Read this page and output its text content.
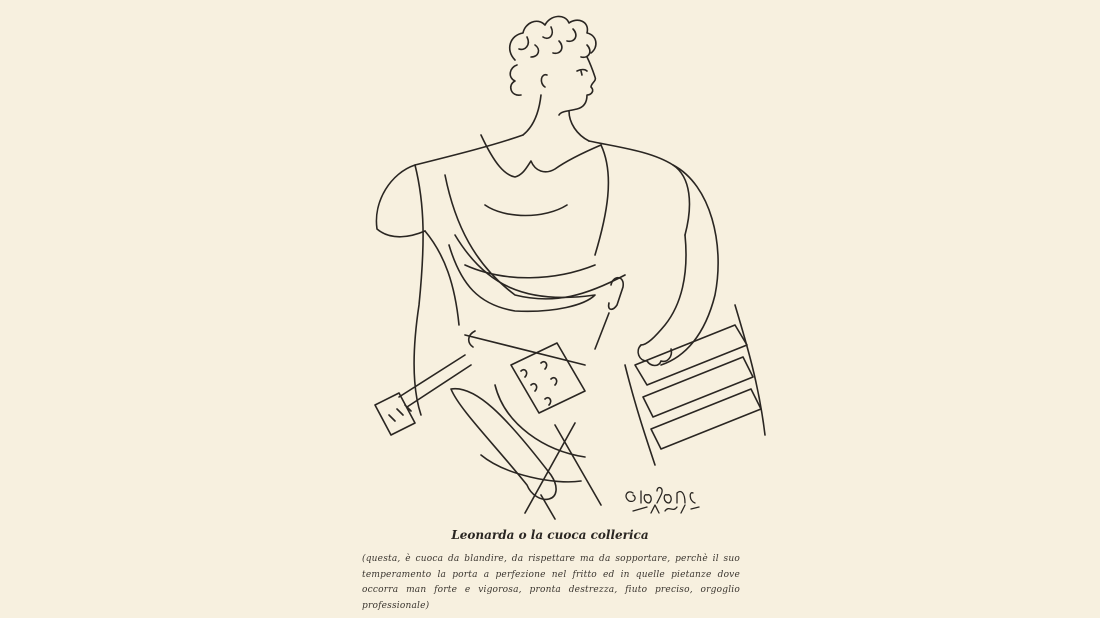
Leonarda o la cuoca collerica
(questa, è cuoca da blandire, da rispettare ma da sopportare, perchè il suo temperamento la porta a perfezione nel fritto ed in quelle pietanze dove occorra man forte e vigorosa, pronta destrezza, fiuto preciso, orgoglio professionale)
